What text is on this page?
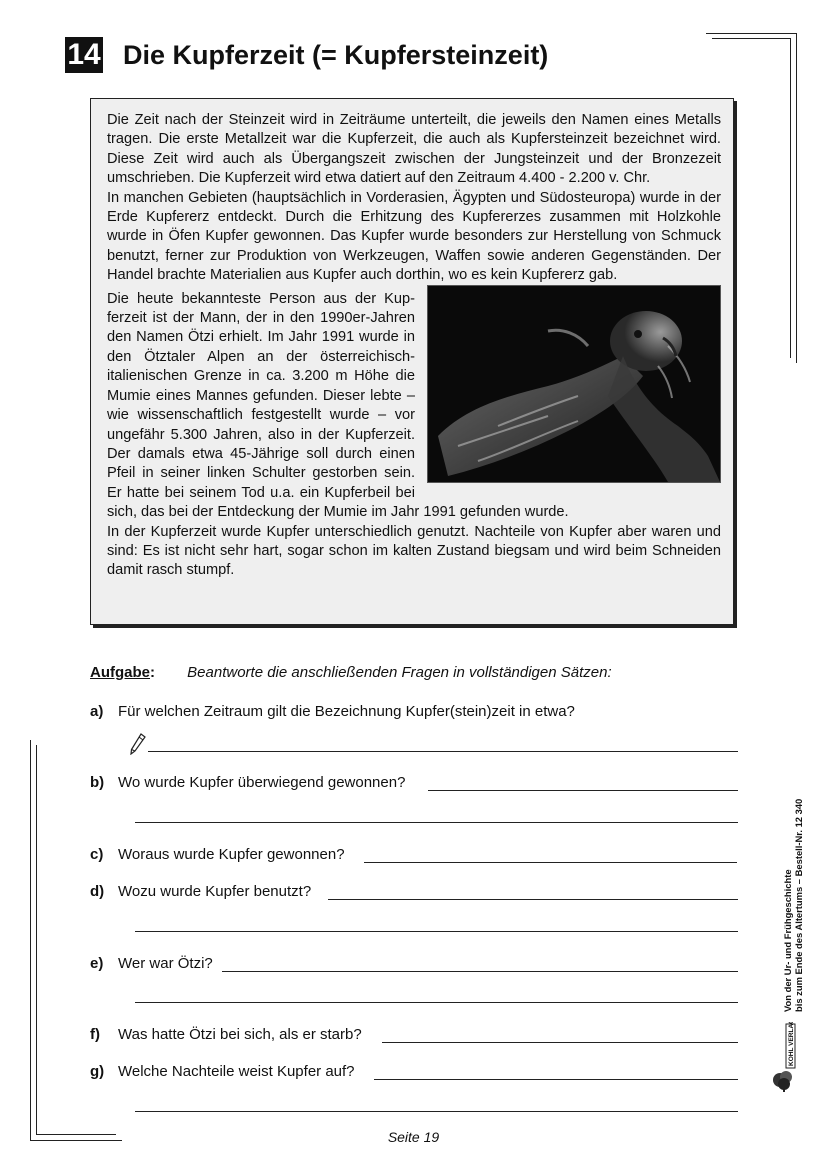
14 Die Kupferzeit (= Kupfersteinzeit)

Die Zeit nach der Steinzeit wird in Zeiträume unterteilt, die jeweils den Namen eines Metalls tragen. Die erste Metallzeit war die Kupferzeit, die auch als Kupfersteinzeit bezeichnet wird. Diese Zeit wird auch als Übergangszeit zwischen der Jungsteinzeit und der Bronzezeit umschrieben. Die Kupferzeit wird etwa datiert auf den Zeitraum 4.400 - 2.200 v. Chr.

In manchen Gebieten (hauptsächlich in Vorderasien, Ägypten und Südosteuropa) wurde in der Erde Kupfererz entdeckt. Durch die Erhitzung des Kupfererzes zusammen mit Holzkohle wurde in Öfen Kupfer gewonnen. Das Kupfer wurde besonders zur Herstellung von Schmuck benutzt, ferner zur Produktion von Werkzeugen, Waffen sowie anderen Gegenständen. Der Handel brachte Materialien aus Kupfer auch dorthin, wo es kein Kupfererz gab.

Die heute bekannteste Person aus der Kupferzeit ist der Mann, der in den 1990er-Jahren den Namen Ötzi erhielt. Im Jahr 1991 wurde in den Ötztaler Alpen an der österreichisch-italienischen Grenze in ca. 3.200 m Höhe die Mumie eines Mannes gefunden. Dieser lebte – wie wissenschaftlich festgestellt wurde – vor ungefähr 5.300 Jahren, also in der Kupferzeit. Der damals etwa 45-Jährige soll durch einen Pfeil in seiner linken Schulter gestorben sein. Er hatte bei seinem Tod u.a. ein Kupferbeil bei sich, das bei der Entdeckung der Mumie im Jahr 1991 gefunden wurde.

In der Kupferzeit wurde Kupfer unterschiedlich genutzt. Nachteile von Kupfer aber waren und sind: Es ist nicht sehr hart, sogar schon im kalten Zustand biegsam und wird beim Schneiden damit rasch stumpf.

Aufgabe: Beantworte die anschließenden Fragen in vollständigen Sätzen:
a) Für welchen Zeitraum gilt die Bezeichnung Kupfer(stein)zeit in etwa?
b) Wo wurde Kupfer überwiegend gewonnen?
c) Woraus wurde Kupfer gewonnen?
d) Wozu wurde Kupfer benutzt?
e) Wer war Ötzi?
f) Was hatte Ötzi bei sich, als er starb?
g) Welche Nachteile weist Kupfer auf?
Von der Ur- und Frühgeschichte bis zum Ende des Altertums – Bestell-Nr. 12 340
KOHL VERLAG
Seite 19
